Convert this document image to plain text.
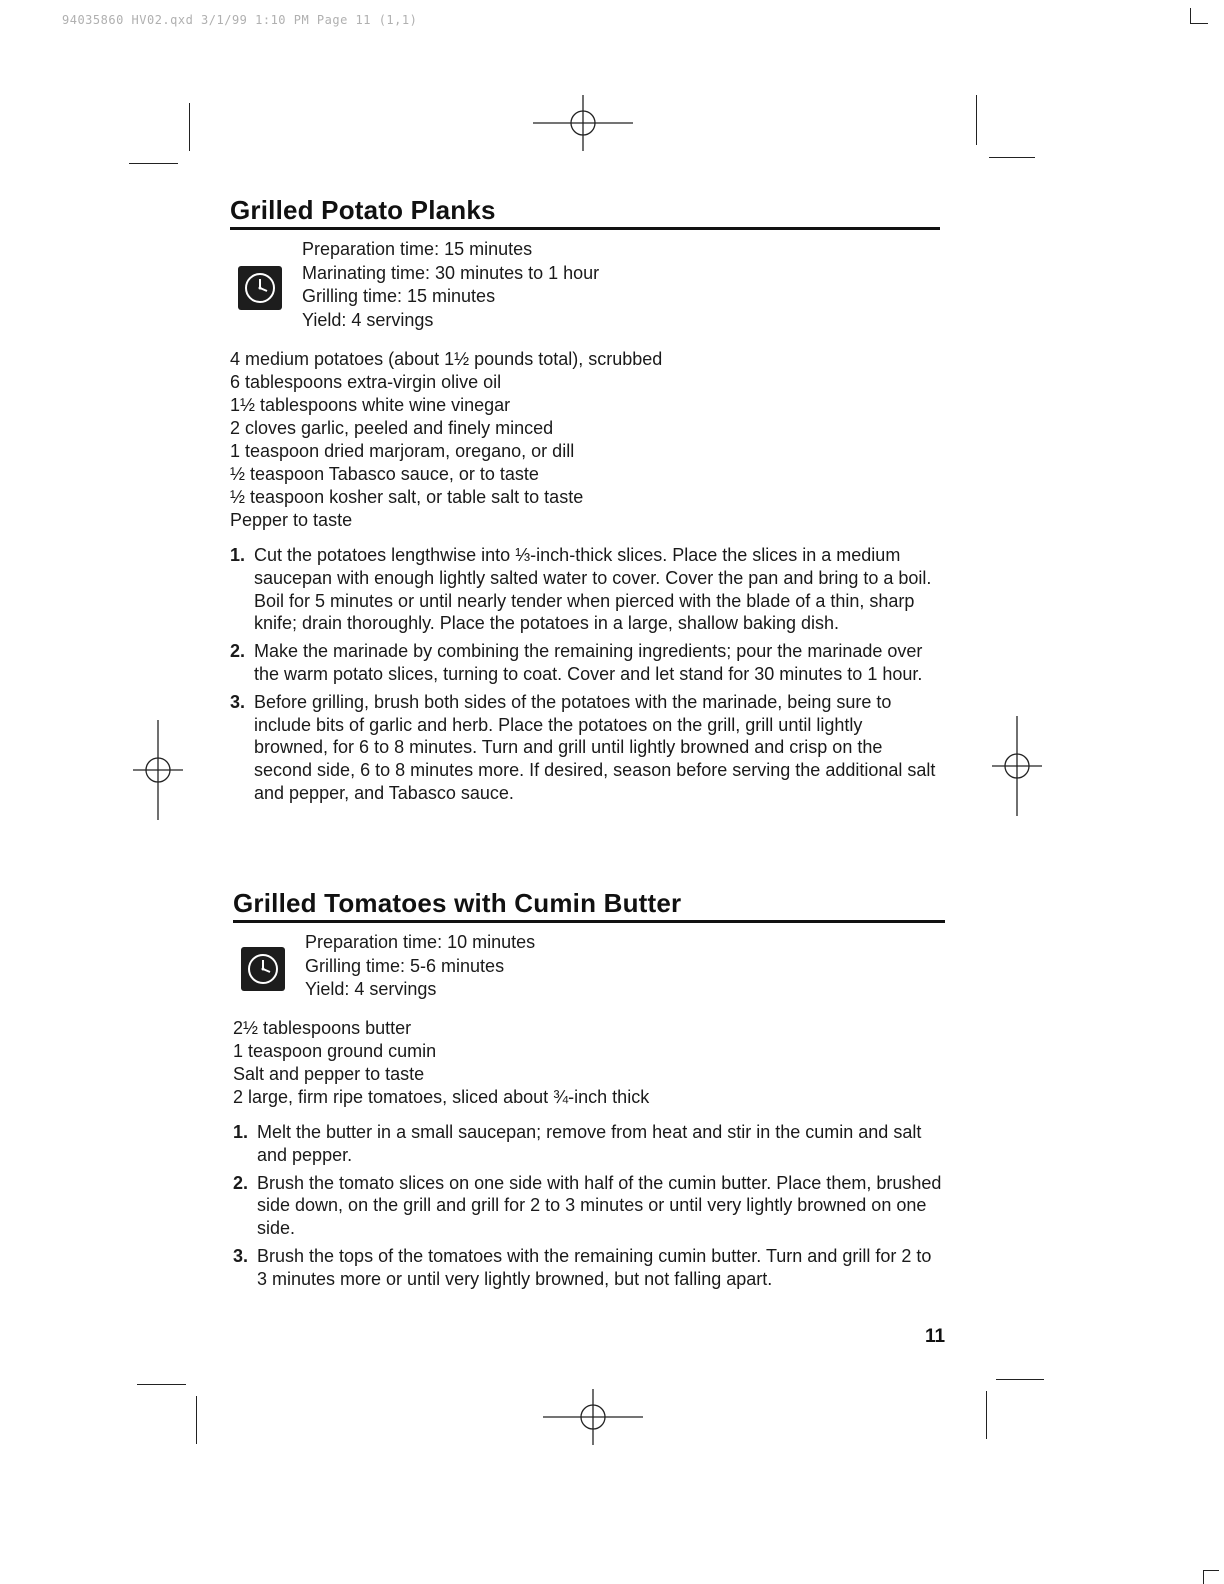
94035860 HV02.qxd 3/1/99 1:10 PM Page 11 (1,1)
Grilled Potato Planks
Preparation time: 15 minutes
Marinating time: 30 minutes to 1 hour
Grilling time: 15 minutes
Yield: 4 servings
4 medium potatoes (about 1½ pounds total), scrubbed
6 tablespoons extra-virgin olive oil
1½ tablespoons white wine vinegar
2 cloves garlic, peeled and finely minced
1 teaspoon dried marjoram, oregano, or dill
½ teaspoon Tabasco sauce, or to taste
½ teaspoon kosher salt, or table salt to taste
Pepper to taste
1. Cut the potatoes lengthwise into ⅓-inch-thick slices. Place the slices in a medium saucepan with enough lightly salted water to cover. Cover the pan and bring to a boil. Boil for 5 minutes or until nearly tender when pierced with the blade of a thin, sharp knife; drain thoroughly. Place the potatoes in a large, shallow baking dish.
2. Make the marinade by combining the remaining ingredients; pour the marinade over the warm potato slices, turning to coat. Cover and let stand for 30 minutes to 1 hour.
3. Before grilling, brush both sides of the potatoes with the marinade, being sure to include bits of garlic and herb. Place the potatoes on the grill, grill until lightly browned, for 6 to 8 minutes. Turn and grill until lightly browned and crisp on the second side, 6 to 8 minutes more. If desired, season before serving the additional salt and pepper, and Tabasco sauce.
Grilled Tomatoes with Cumin Butter
Preparation time: 10 minutes
Grilling time: 5-6 minutes
Yield: 4 servings
2½ tablespoons butter
1 teaspoon ground cumin
Salt and pepper to taste
2 large, firm ripe tomatoes, sliced about ¾-inch thick
1. Melt the butter in a small saucepan; remove from heat and stir in the cumin and salt and pepper.
2. Brush the tomato slices on one side with half of the cumin butter. Place them, brushed side down, on the grill and grill for 2 to 3 minutes or until very lightly browned on one side.
3. Brush the tops of the tomatoes with the remaining cumin butter. Turn and grill for 2 to 3 minutes more or until very lightly browned, but not falling apart.
11
